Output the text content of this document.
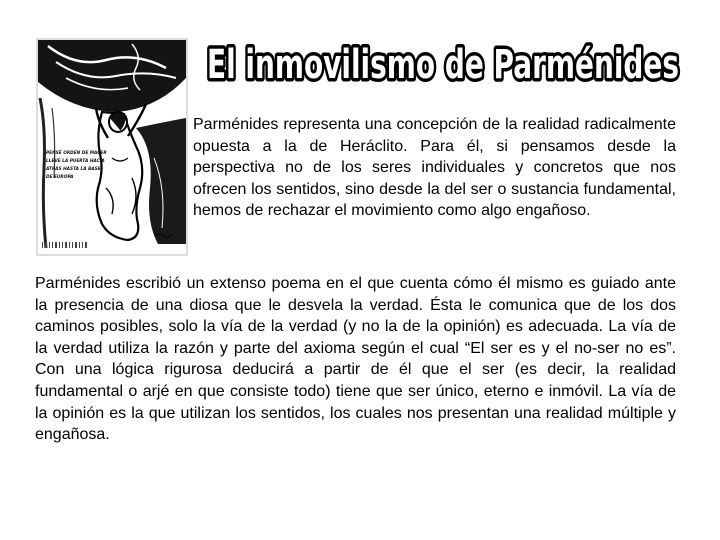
PENSÉ ORDEN DE MACER
LLEVE LA PUERTA HACIA
ATRÁS HASTA LA BASE
DE EUROPA
El inmovilismo de Parménides

Parménides representa una concepción de la realidad radicalmente opuesta a la de Heráclito. Para él, si pensamos desde la perspectiva no de los seres individuales y concretos que nos ofrecen los sentidos, sino desde la del ser o sustancia fundamental, hemos de rechazar el movimiento como algo engañoso.

Parménides escribió un extenso poema en el que cuenta cómo él mismo es guiado ante la presencia de una diosa que le desvela la verdad. Ésta le comunica que de los dos caminos posibles, solo la vía de la verdad (y no la de la opinión) es adecuada. La vía de la verdad utiliza la razón y parte del axioma según el cual “El ser es y el no-ser no es”. Con una lógica rigurosa deducirá a partir de él que el ser (es decir, la realidad fundamental o arjé en que consiste todo) tiene que ser único, eterno e inmóvil. La vía de la opinión es la que utilizan los sentidos, los cuales nos presentan una realidad múltiple y engañosa.
